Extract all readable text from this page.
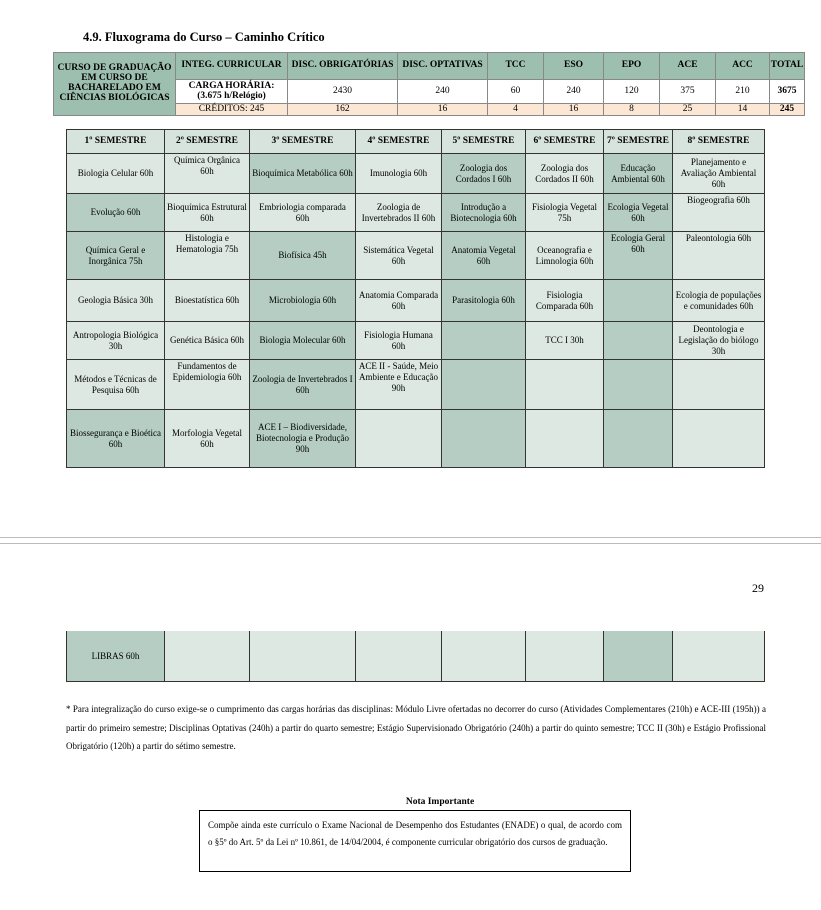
4.9. Fluxograma do Curso – Caminho Crítico
CURSO DE GRADUAÇÃO EM CURSO DE BACHARELADO EM CIÊNCIAS BIOLÓGICAS	INTEG. CURRICULAR	DISC. OBRIGATÓRIAS	DISC. OPTATIVAS	TCC	ESO	EPO	ACE	ACC	TOTAL
	CARGA HORÁRIA: (3.675 h/Relógio)	2430	240	60	240	120	375	210	3675
	CRÉDITOS: 245	162	16	4	16	8	25	14	245
1º SEMESTRE	2º SEMESTRE	3º SEMESTRE	4º SEMESTRE	5º SEMESTRE	6º SEMESTRE	7º SEMESTRE	8º SEMESTRE
Biologia Celular 60h	Química Orgânica 60h	Bioquímica Metabólica 60h	Imunologia 60h	Zoologia dos Cordados I 60h	Zoologia dos Cordados II 60h	Educação Ambiental 60h	Planejamento e Avaliação Ambiental 60h
Evolução 60h	Bioquímica Estrutural 60h	Embriologia comparada 60h	Zoologia de Invertebrados II 60h	Introdução a Biotecnologia 60h	Fisiologia Vegetal 75h	Ecologia Vegetal 60h	Biogeografia 60h
Química Geral e Inorgânica 75h	Histologia e Hematologia 75h	Biofísica 45h	Sistemática Vegetal 60h	Anatomia Vegetal 60h	Oceanografia e Limnologia 60h	Ecologia Geral 60h	Paleontologia 60h
Geologia Básica 30h	Bioestatística 60h	Microbiologia 60h	Anatomia Comparada 60h	Parasitologia 60h	Fisiologia Comparada 60h		Ecologia de populações e comunidades 60h
Antropologia Biológica 30h	Genética Básica 60h	Biologia Molecular 60h	Fisiologia Humana 60h		TCC I 30h		Deontologia e Legislação do biólogo 30h
Métodos e Técnicas de Pesquisa 60h	Fundamentos de Epidemiologia 60h	Zoologia de Invertebrados I 60h	ACE II - Saúde, Meio Ambiente e Educação 90h				
Biossegurança e Bioética 60h	Morfologia Vegetal 60h	ACE I – Biodiversidade, Biotecnologia e Produção 90h					
29
LIBRAS 60h							
* Para integralização do curso exige-se o cumprimento das cargas horárias das disciplinas: Módulo Livre ofertadas no decorrer do curso (Atividades Complementares (210h) e ACE-III (195h)) a partir do primeiro semestre; Disciplinas Optativas (240h) a partir do quarto semestre; Estágio Supervisionado Obrigatório (240h) a partir do quinto semestre; TCC II (30h) e Estágio Profissional Obrigatório (120h) a partir do sétimo semestre.
Nota Importante
Compõe ainda este currículo o Exame Nacional de Desempenho dos Estudantes (ENADE) o qual, de acordo com o §5º do Art. 5º da Lei nº 10.861, de 14/04/2004, é componente curricular obrigatório dos cursos de graduação.
